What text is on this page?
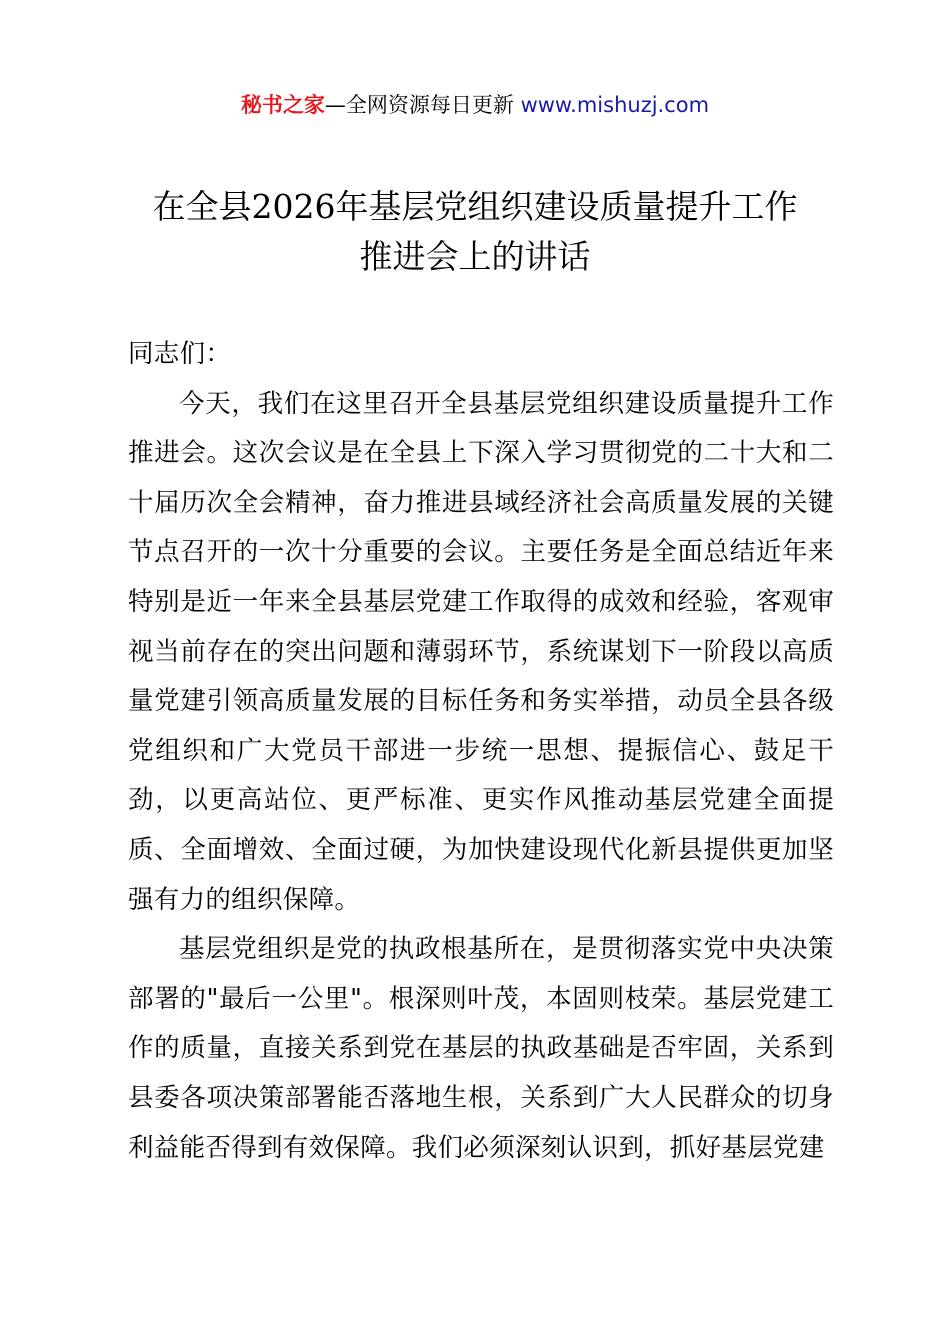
秘书之家—全网资源每日更新 www.mishuzj.com
在全县2026年基层党组织建设质量提升工作
推进会上的讲话

同志们：

今天，我们在这里召开全县基层党组织建设质量提升工作推进会。这次会议是在全县上下深入学习贯彻党的二十大和二十届历次全会精神，奋力推进县域经济社会高质量发展的关键节点召开的一次十分重要的会议。主要任务是全面总结近年来特别是近一年来全县基层党建工作取得的成效和经验，客观审视当前存在的突出问题和薄弱环节，系统谋划下一阶段以高质量党建引领高质量发展的目标任务和务实举措，动员全县各级党组织和广大党员干部进一步统一思想、提振信心、鼓足干劲，以更高站位、更严标准、更实作风推动基层党建全面提质、全面增效、全面过硬，为加快建设现代化新县提供更加坚强有力的组织保障。

基层党组织是党的执政根基所在，是贯彻落实党中央决策部署的"最后一公里"。根深则叶茂，本固则枝荣。基层党建工作的质量，直接关系到党在基层的执政基础是否牢固，关系到县委各项决策部署能否落地生根，关系到广大人民群众的切身利益能否得到有效保障。我们必须深刻认识到，抓好基层党建
